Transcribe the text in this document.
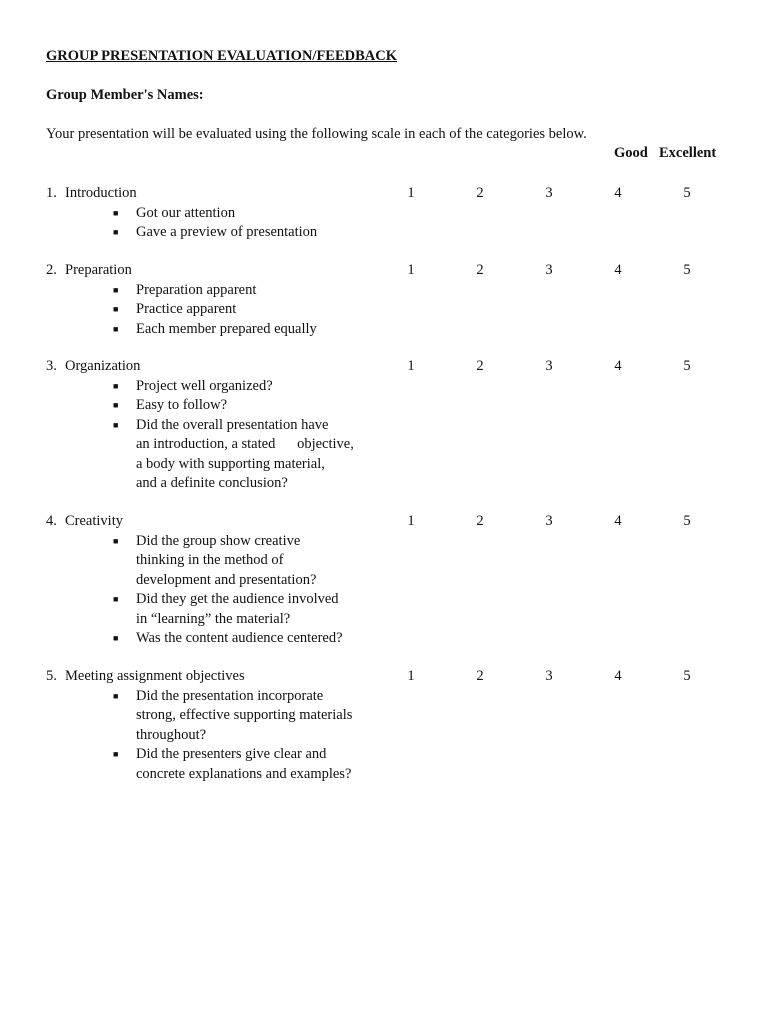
GROUP PRESENTATION EVALUATION/FEEDBACK
Group Member's Names:
Your presentation will be evaluated using the following scale in each of the categories below.
Good Excellent
1. Introduction	1	2	3	4	5
■ Got our attention
■ Gave a preview of presentation
2. Preparation	1	2	3	4	5
■ Preparation apparent
■ Practice apparent
■ Each member prepared equally
3. Organization	1	2	3	4	5
■ Project well organized?
■ Easy to follow?
■ Did the overall presentation have
an introduction, a stated      objective,
a body with supporting material,
and a definite conclusion?
4. Creativity	1	2	3	4	5
■ Did the group show creative
thinking in the method of
development and presentation?
■ Did they get the audience involved
in “learning” the material?
■ Was the content audience centered?
5. Meeting assignment objectives	1	2	3	4	5
■ Did the presentation incorporate
strong, effective supporting materials
throughout?
■ Did the presenters give clear and
concrete explanations and examples?
